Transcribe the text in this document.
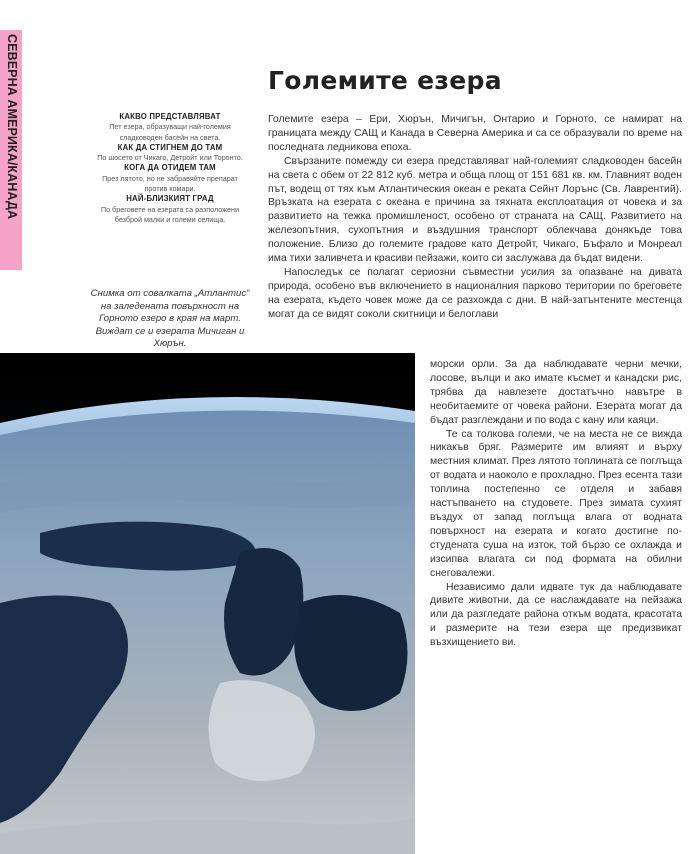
СЕВЕРНА АМЕРИКА/КАНАДА	Големите езера
КАКВО ПРЕДСТАВЛЯВАТ
Пет езера, образуващи най-големия сладководен басейн на света.
КАК ДА СТИГНЕМ ДО ТАМ
По шосето от Чикаго, Детройт или Торонто.
КОГА ДА ОТИДЕМ ТАМ
През лятото, но не забравяйте препарат против комари.
НАЙ-БЛИЗКИЯТ ГРАД
По бреговете на езерата са разположени безброй малки и големи селища.
Снимка от совалката „Атлантис“ на заледената повърхност на Горното езеро в края на март. Виждат се и езерата Мичиган и Хюрън.

Големите езера – Ери, Хюрън, Мичигън, Онтарио и Горното, се намират на границата между САЩ и Канада в Северна Америка и са се образували по време на последната ледникова епоха.

Свързаните помежду си езера представляват най-големият сладководен басейн на света с обем от 22 812 куб. метра и обща площ от 151 681 кв. км. Главният воден път, водещ от тях към Атлантическия океан е рекатa Сейнт Лорънс (Св. Лаврентий). Връзката на езерата с океана е причина за тяхната експлоатация от човека и за развитието на тежка промишленост, особено от страната на САЩ. Развитието на железопътния, сухопътния и въздушния транспорт облекчава донякъде това положение. Близо до големите градове като Детройт, Чикаго, Бъфало и Монреал има тихи заливчета и красиви пейзажи, които си заслужава да бъдат видени.

Напоследък се полагат сериозни съвместни усилия за опазване на дивата природа, особено във включението в националния парково територии по бреговете на езерата, където човек може да се разхожда с дни. В най-затънтените местенца могат да се видят соколи скитници и белоглави

морски орли. За да наблюдавате черни мечки, лосове, вълци и ако имате късмет и канадски рис, трябва да навлезете достатъчно навътре в необитаемите от човека райони. Езерата могат да бъдат разглеждани и по вода с кану или каяци.

Те са толкова големи, че на места не се вижда никакъв бряг. Размерите им влияят и върху местния климат. През лятото топлината се поглъща от водата и наоколо е прохладно. През есента тази топлина постепенно се отделя и забавя настъпването на студовете. През зимата сухият въздух от запад поглъща влага от водната повърхност на езерата и когато достигне по-студената суша на изток, той бързо се охлажда и изсипва влагата си под формата на обилни снеговалежи.

Независимо дали идвате тук да наблюдавате дивите животни, да се наслаждавате на пейзажа или да разгледате района откъм водата, красотата и размерите на тези езера ще предизвикат възхищението ви.
